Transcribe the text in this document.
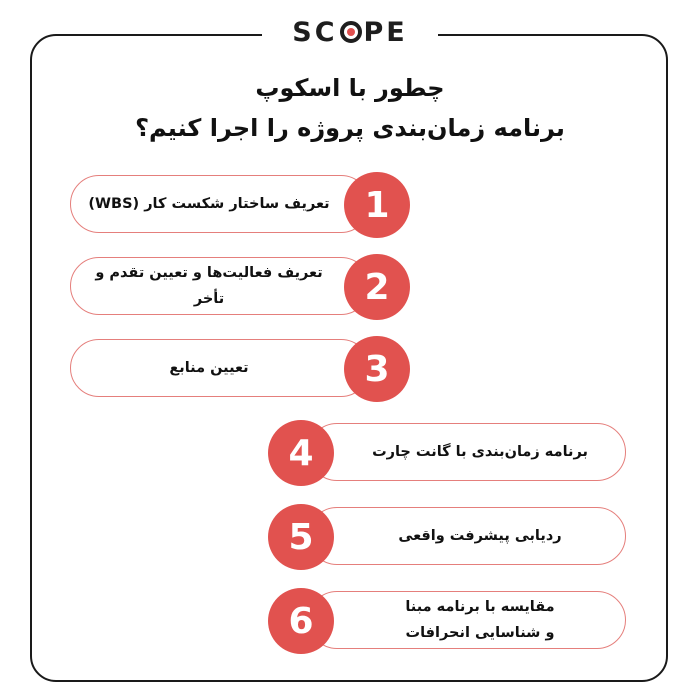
SC PE
چطور با اسکوپ
برنامه زمان‌بندی پروژه را اجرا کنیم؟
تعریف ساختار شکست کار (WBS) 1
تعریف فعالیت‌ها و تعیین تقدم و تأخر	2
تعیین منابع	3
برنامه زمان‌بندی با گانت چارت
4
ردیابی پیشرفت واقعی
5
مقایسه با برنامه مبنا
و شناسایی انحرافات
6
